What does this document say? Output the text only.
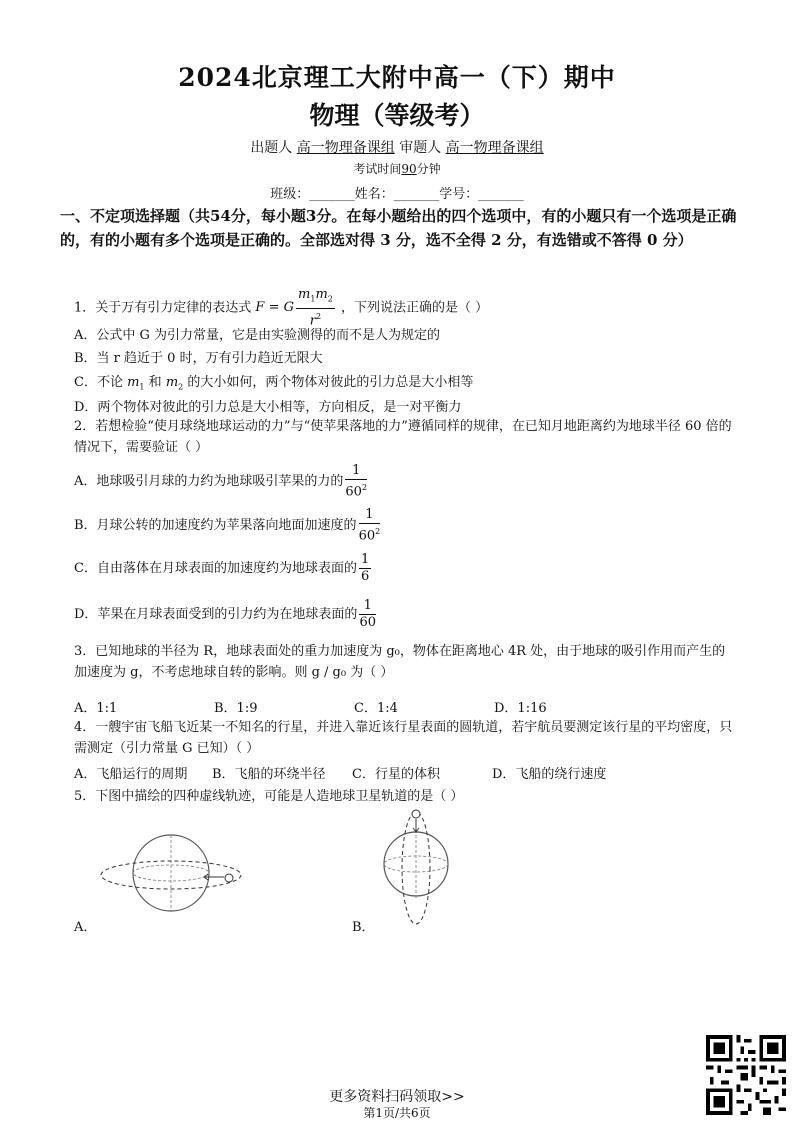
2024北京理工大附中高一（下）期中
物理（等级考）
出题人 高一物理备课组 审题人 高一物理备课组
考试时间90分钟
班级：_______姓名：_______学号：_______
一、不定项选择题（共54分，每小题3分。在每小题给出的四个选项中，有的小题只有一个选项是正确的，有的小题有多个选项是正确的。全部选对得 3 分，选不全得 2 分，有选错或不答得 0 分）
1．关于万有引力定律的表达式 F = G $\frac{m_1m_2}{r^2}$ ，下列说法正确的是（ ）
A．公式中 G 为引力常量，它是由实验测得的而不是人为规定的
B．当 r 趋近于 0 时，万有引力趋近无限大
C．不论 $m_1$ 和 $m_2$ 的大小如何，两个物体对彼此的引力总是大小相等
D．两个物体对彼此的引力总是大小相等，方向相反，是一对平衡力
2．若想检验“使月球绕地球运动的力”与“使苹果落地的力”遵循同样的规律，在已知月地距离约为地球半径 60 倍的情况下，需要验证（ ）
A．地球吸引月球的力约为地球吸引苹果的力的 $\frac{1}{60^2}$
B．月球公转的加速度约为苹果落向地面加速度的 $\frac{1}{60^2}$
C．自由落体在月球表面的加速度约为地球表面的 $\frac{1}{6}$
D．苹果在月球表面受到的引力约为在地球表面的 $\frac{1}{60}$
3．已知地球的半径为 R，地球表面处的重力加速度为 g₀，物体在距离地心 4R 处，由于地球的吸引作用而产生的加速度为 g，不考虑地球自转的影响。则 g / g₀ 为（ ）
A．1:1	B．1:9	C．1:4	D．1:16
4．一艘宇宙飞船飞近某一不知名的行星，并进入靠近该行星表面的圆轨道，若宇航员要测定该行星的平均密度，只需测定（引力常量 G 已知）（ ）
A．飞船运行的周期 B．飞船的环绕半径 C．行星的体积	D．飞船的绕行速度
5．下图中描绘的四种虚线轨迹，可能是人造地球卫星轨道的是（ ）
A．	B．
更多资料扫码领取>>
第1页/共6页
